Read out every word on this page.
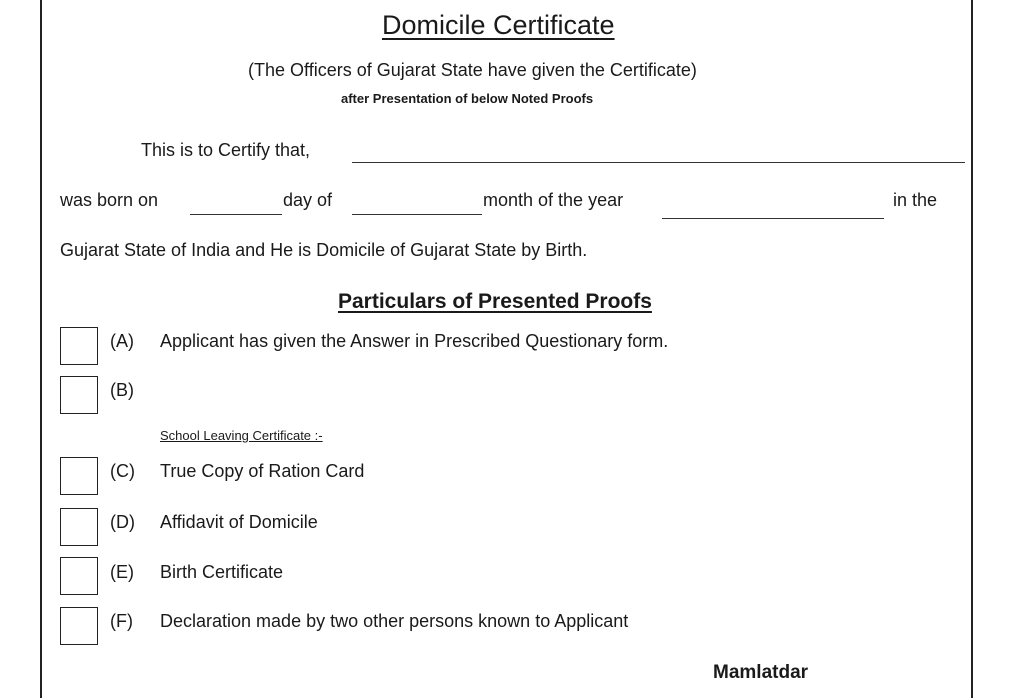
Domicile Certificate
(The Officers of Gujarat State have given the Certificate)
after Presentation of below Noted Proofs
This is to Certify that,
was born on	day of	month of the year	in the
Gujarat State of India and He is Domicile of Gujarat State by Birth.
Particulars of Presented Proofs
(A) Applicant has given the Answer in Prescribed Questionary form.
(B)
School Leaving Certificate :-
(C) True Copy of Ration Card
(D) Affidavit of Domicile
(E) Birth Certificate
(F) Declaration made by two other persons known to Applicant
Mamlatdar
